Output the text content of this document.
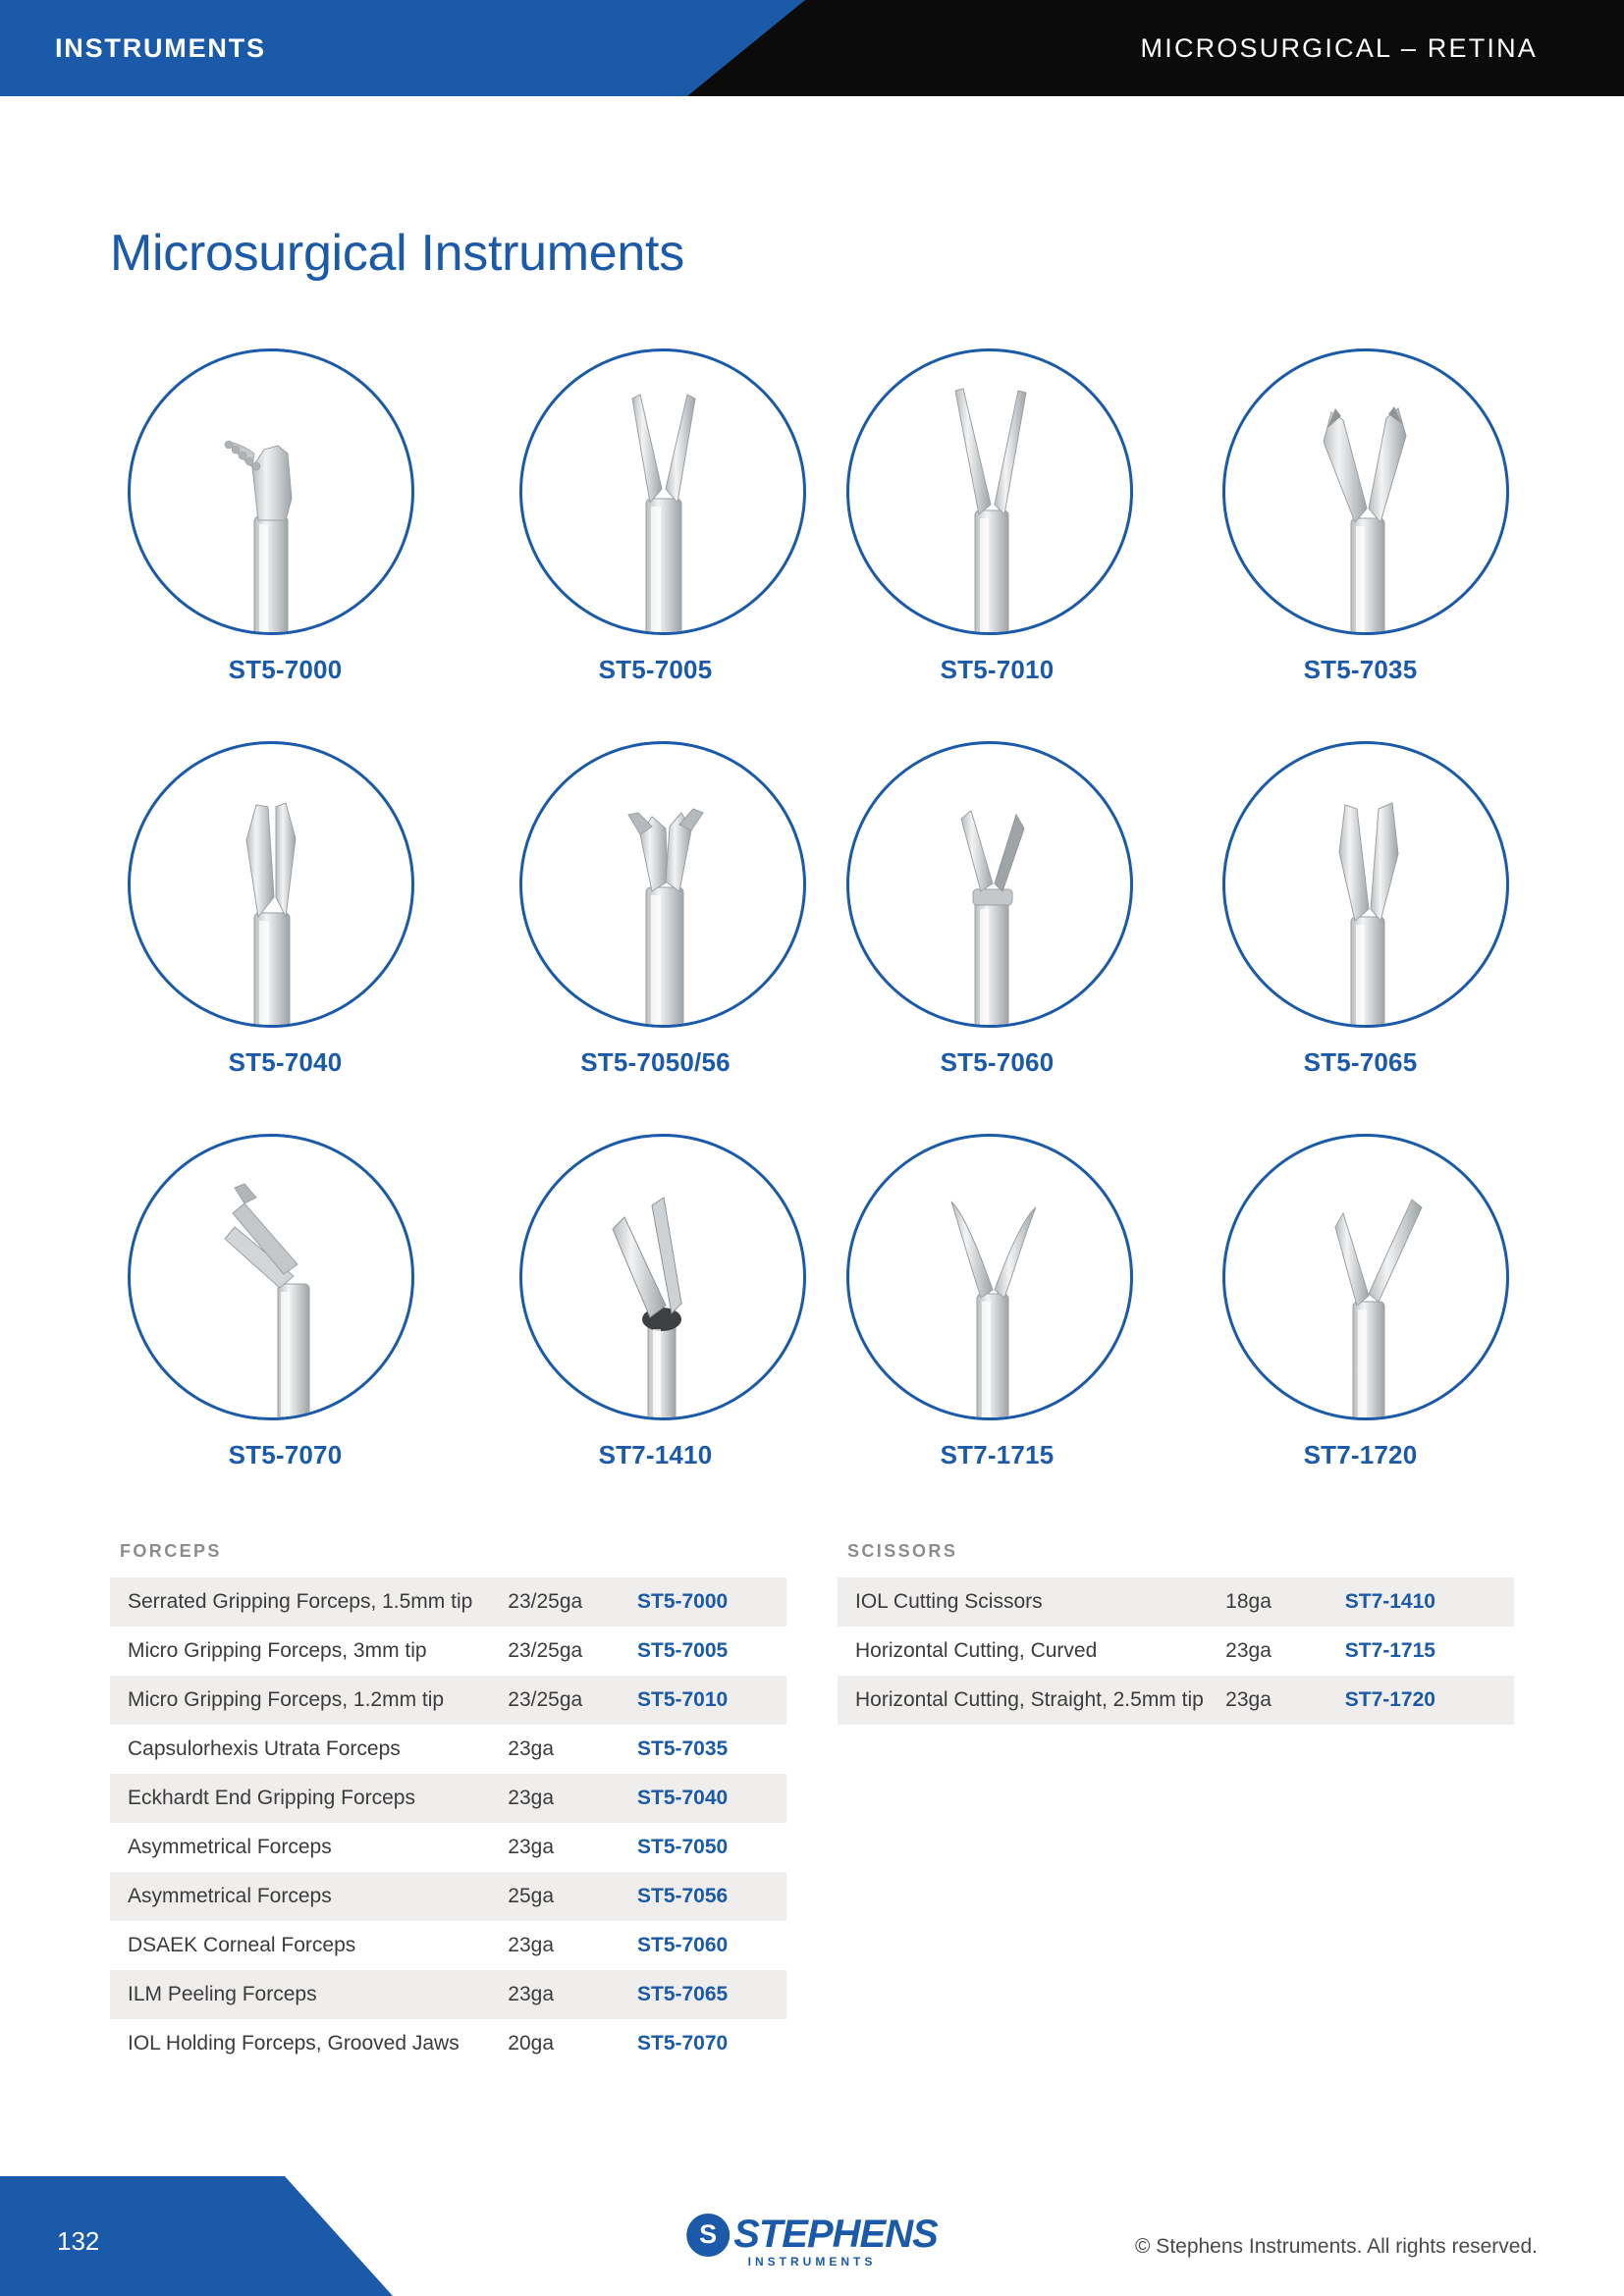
INSTRUMENTS	MICROSURGICAL – RETINA
Microsurgical Instruments
ST5-7000	ST5-7005	ST5-7010	ST5-7035
ST5-7040	ST5-7050/56	ST5-7060	ST5-7065
ST5-7070	ST7-1410	ST7-1715	ST7-1720
FORCEPS
Serrated Gripping Forceps, 1.5mm tip	23/25ga	ST5-7000
Micro Gripping Forceps, 3mm tip	23/25ga	ST5-7005
Micro Gripping Forceps, 1.2mm tip	23/25ga	ST5-7010
Capsulorhexis Utrata Forceps	23ga	ST5-7035
Eckhardt End Gripping Forceps	23ga	ST5-7040
Asymmetrical Forceps	23ga	ST5-7050
Asymmetrical Forceps	25ga	ST5-7056
DSAEK Corneal Forceps	23ga	ST5-7060
ILM Peeling Forceps	23ga	ST5-7065
IOL Holding Forceps, Grooved Jaws	20ga	ST5-7070
SCISSORS
IOL Cutting Scissors	18ga	ST7-1410
Horizontal Cutting, Curved	23ga	ST7-1715
Horizontal Cutting, Straight, 2.5mm tip	23ga	ST7-1720
132	S STEPHENS
INSTRUMENTS
© Stephens Instruments. All rights reserved.
